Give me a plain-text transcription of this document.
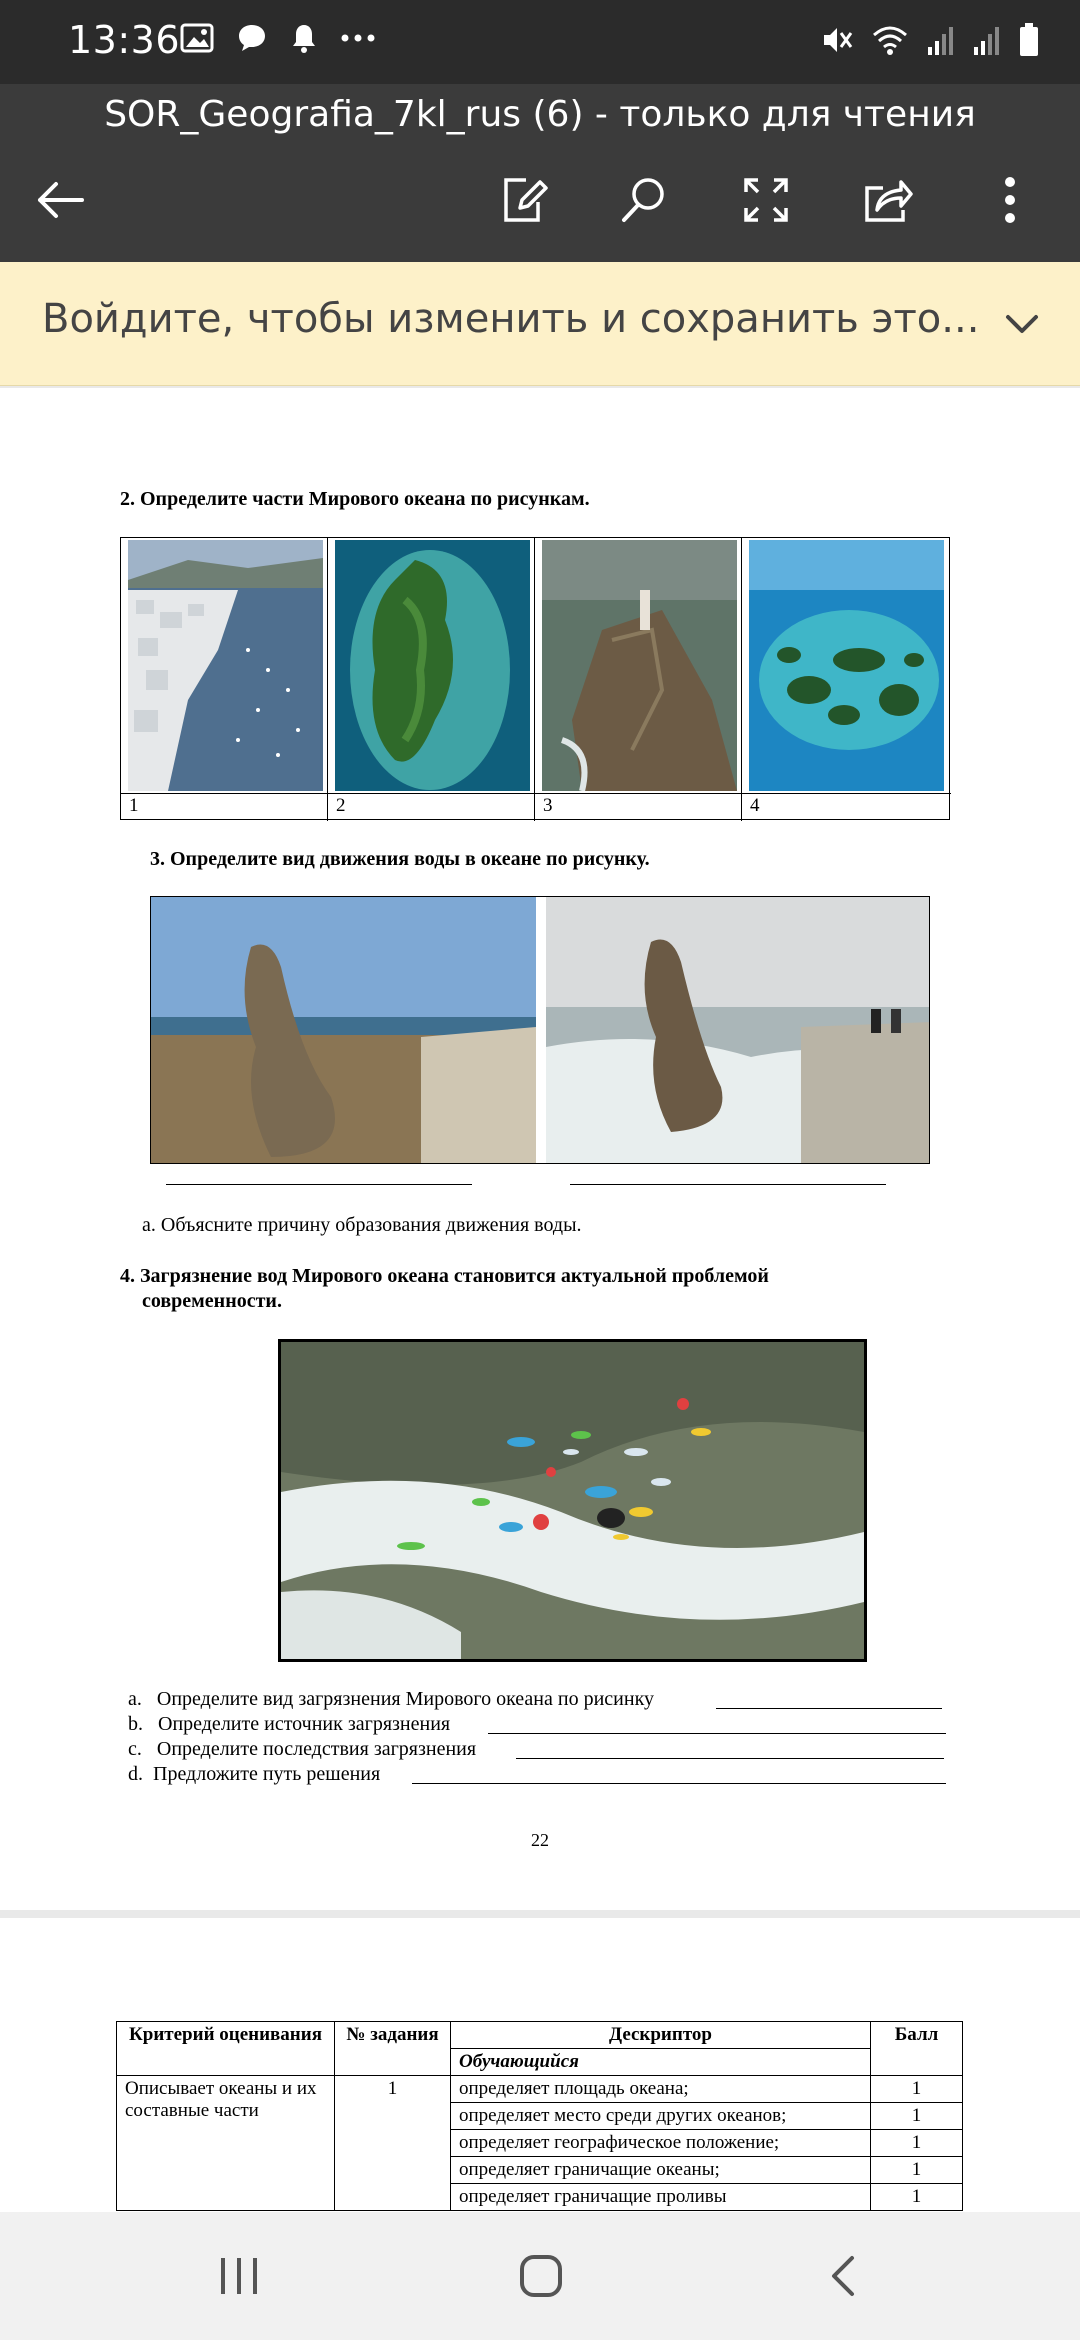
13:36
SOR_Geografia_7kl_rus (6) - только для чтения
Войдите, чтобы изменить и сохранить это...
2. Определите части Мирового океана по рисункам.
1	2	3	4
3. Определите вид движения воды в океане по рисунку.
a. Объясните причину образования движения воды.
4. Загрязнение вод Мирового океана становится актуальной проблемой
современности.
a. Определите вид загрязнения Мирового океана по рисинку
b. Определите источник загрязнения
c. Определите последствия загрязнения
d. Предложите путь решения
22
Критерий оценивания	№ задания	Дескриптор	Балл
		Обучающийся	
Описывает океаны и их составные части	1	определяет площадь океана;	1
		определяет место среди других океанов;	1
		определяет географическое положение;	1
		определяет граничащие океаны;	1
		определяет граничащие проливы	1
